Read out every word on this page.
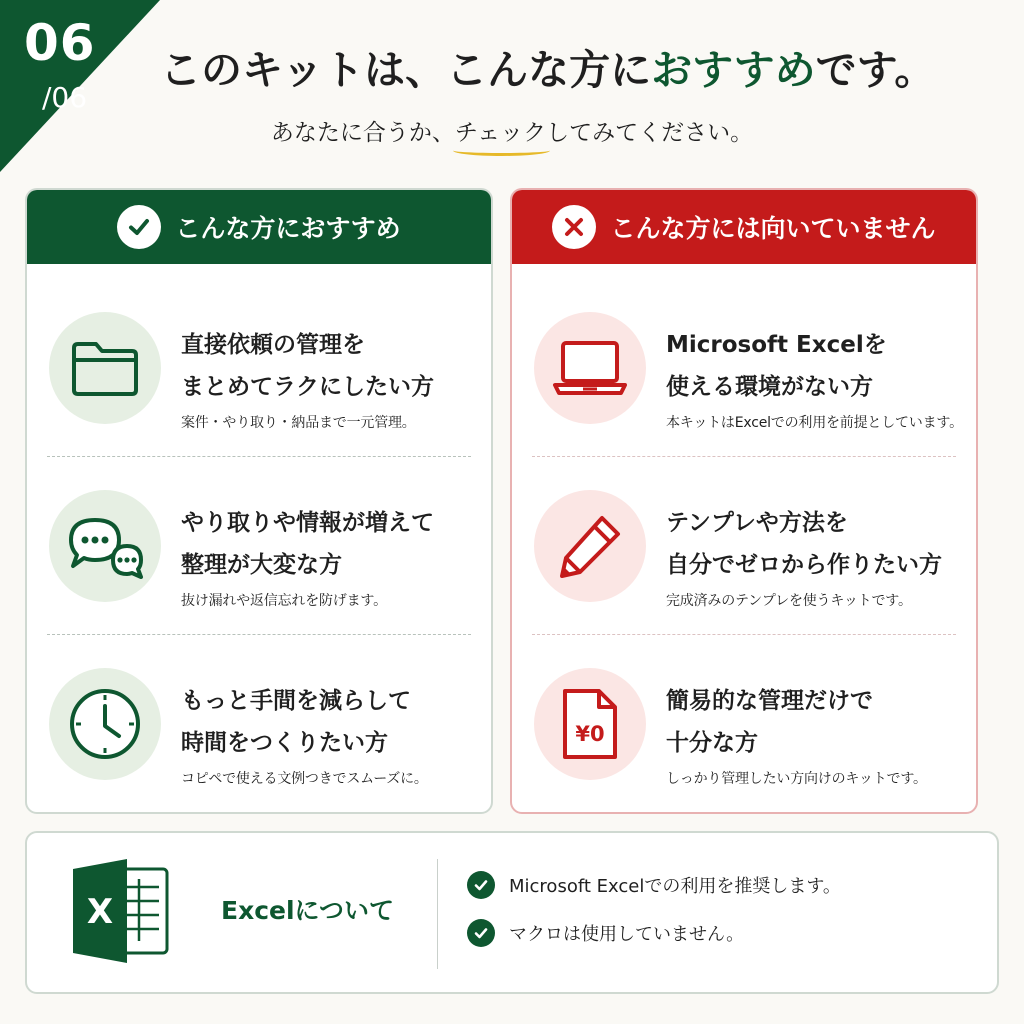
06
/06
このキットは、こんな方におすすめです。
あなたに合うか、チェックしてみてください。
こんな方におすすめ
直接依頼の管理を
まとめてラクにしたい方
案件・やり取り・納品まで一元管理。
やり取りや情報が増えて
整理が大変な方
抜け漏れや返信忘れを防げます。
もっと手間を減らして
時間をつくりたい方
コピペで使える文例つきでスムーズに。
こんな方には向いていません
Microsoft Excelを
使える環境がない方
本キットはExcelでの利用を前提としています。
テンプレや方法を
自分でゼロから作りたい方
完成済みのテンプレを使うキットです。
¥0
簡易的な管理だけで
十分な方
しっかり管理したい方向けのキットです。
X	Excelについて
Microsoft Excelでの利用を推奨します。
マクロは使用していません。
